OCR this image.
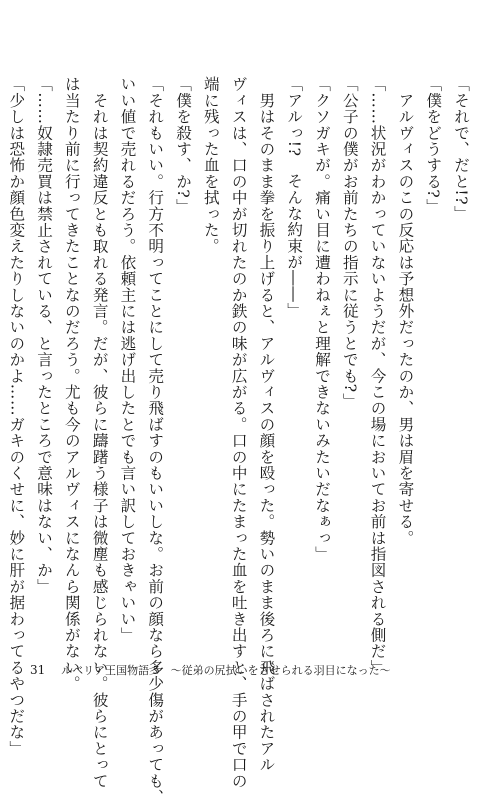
「それで、だと!?」
「僕をどうする?」
　アルヴィスのこの反応は予想外だったのか、男は眉を寄せる。
「……状況がわかっていないようだが、今この場においてお前は指図される側だ」
「公子の僕がお前たちの指示に従うとでも?」
「クソガキが。痛い目に遭わねぇと理解できないみたいだなぁっ」
「アルっ!?　そんな約束が――」
　男はそのまま拳を振り上げると、アルヴィスの顔を殴った。勢いのまま後ろに飛ばされたアル
ヴィスは、口の中が切れたのか鉄の味が広がる。口の中にたまった血を吐き出すと、手の甲で口の
端に残った血を拭った。
「僕を殺す、か?」
「それもいい。行方不明ってことにして売り飛ばすのもいいしな。お前の顔なら多少傷があっても、
いい値で売れるだろう。依頼主には逃げ出したとでも言い訳しておきゃいい」
　それは契約違反とも取れる発言。だが、彼らに躊躇う様子は微塵も感じられない。彼らにとって
は当たり前に行ってきたことなのだろう。尤も今のアルヴィスになんら関係がない。
「……奴隷売買は禁止されている、と言ったところで意味はない、か」
「少しは恐怖か顔色変えたりしないのかよ……ガキのくせに、妙に肝が据わってるやつだな」 31 ルベリア王国物語 5　～従弟の尻拭いをさせられる羽目になった～
